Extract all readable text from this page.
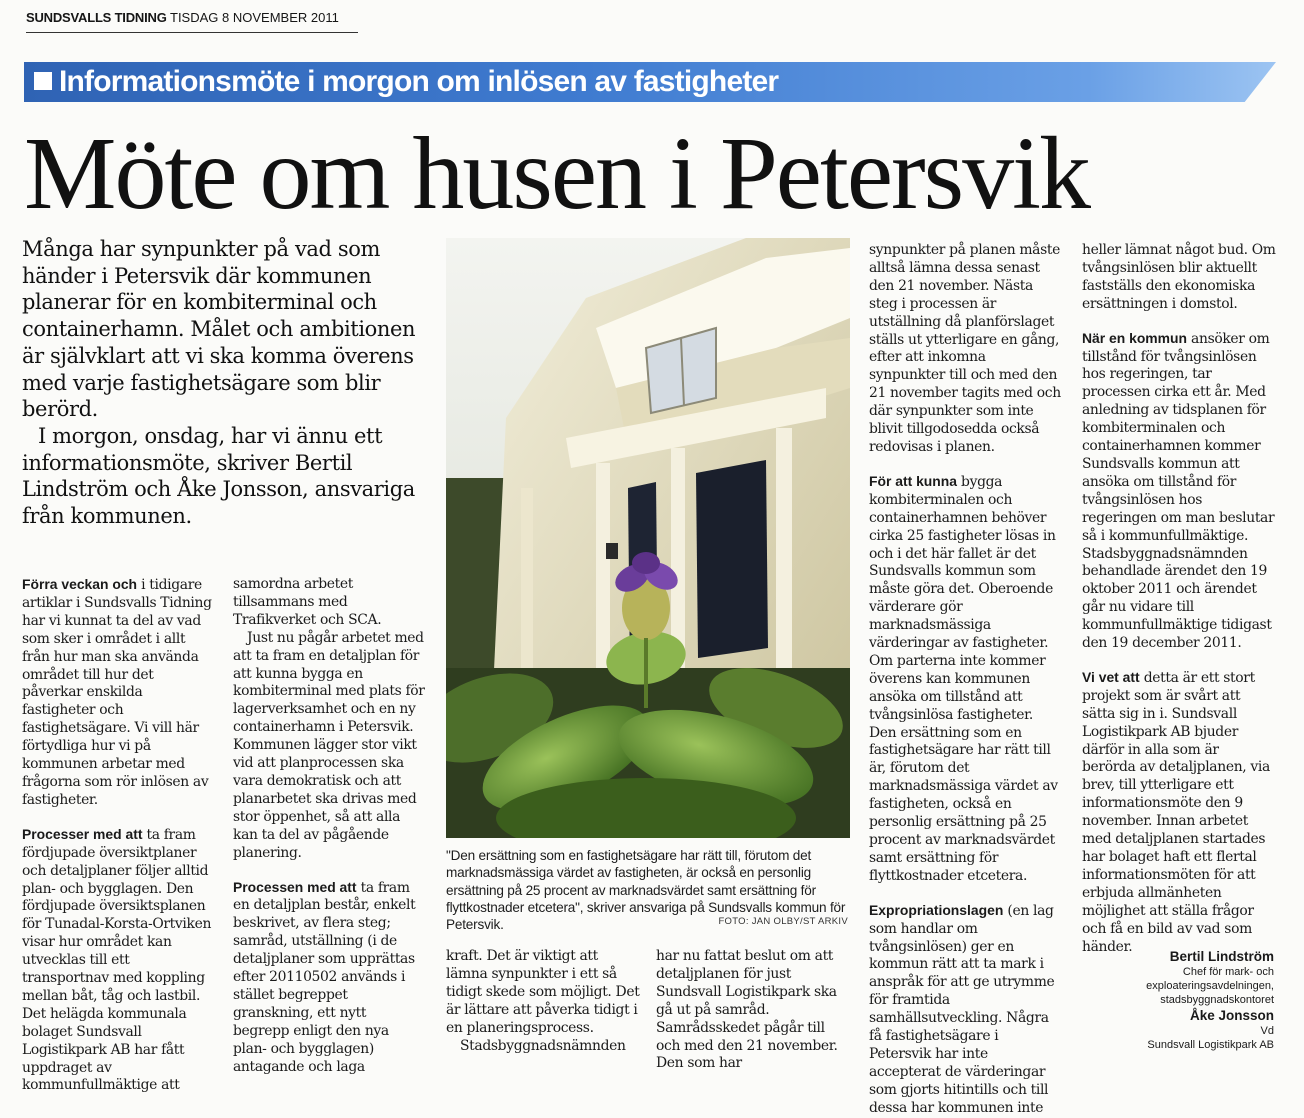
SUNDSVALLS TIDNING TISDAG 8 NOVEMBER 2011
Informationsmöte i morgon om inlösen av fastigheter
Möte om husen i Petersvik

Många har synpunkter på vad som händer i Petersvik där kommunen planerar för en kombiterminal och containerhamn. Målet och ambitionen är självklart att vi ska komma överens med varje fastighetsägare som blir berörd.

I morgon, onsdag, har vi ännu ett informationsmöte, skriver Bertil Lindström och Åke Jonsson, ansvariga från kommunen.

Förra veckan och i tidigare artiklar i Sundsvalls Tidning har vi kunnat ta del av vad som sker i området i allt från hur man ska använda området till hur det påverkar enskilda fastigheter och fastighetsägare. Vi vill här förtydliga hur vi på kommunen arbetar med frågorna som rör inlösen av fastigheter.

Processer med att ta fram fördjupade översiktplaner och detaljplaner följer alltid plan- och bygglagen. Den fördjupade översiktsplanen för Tunadal-Korsta-Ortviken visar hur området kan utvecklas till ett transportnav med koppling mellan båt, tåg och lastbil. Det helägda kommunala bolaget Sundsvall Logistikpark AB har fått uppdraget av kommunfullmäktige att

samordna arbetet tillsammans med Trafikverket och SCA.

Just nu pågår arbetet med att ta fram en detaljplan för att kunna bygga en kombiterminal med plats för lagerverksamhet och en ny containerhamn i Petersvik. Kommunen lägger stor vikt vid att planprocessen ska vara demokratisk och att planarbetet ska drivas med stor öppenhet, så att alla kan ta del av pågående planering.

Processen med att ta fram en detaljplan består, enkelt beskrivet, av flera steg; samråd, utställning (i de detaljplaner som upprättas efter 20110502 används i stället begreppet granskning, ett nytt begrepp enligt den nya plan- och bygglagen) antagande och laga

"Den ersättning som en fastighetsägare har rätt till, förutom det marknadsmässiga värdet av fastigheten, är också en personlig ersättning på 25 procent av marknadsvärdet samt ersättning för flyttkostnader etcetera", skriver ansvariga på Sundsvalls kommun för Petersvik.	FOTO: JAN OLBY/ST ARKIV

kraft. Det är viktigt att lämna synpunkter i ett så tidigt skede som möjligt. Det är lättare att påverka tidigt i en planeringsprocess.

Stadsbyggnadsnämnden

har nu fattat beslut om att detaljplanen för just Sundsvall Logistikpark ska gå ut på samråd. Samrådsskedet pågår till och med den 21 november. Den som har

synpunkter på planen måste alltså lämna dessa senast den 21 november. Nästa steg i processen är utställning då planförslaget ställs ut ytterligare en gång, efter att inkomna synpunkter till och med den 21 november tagits med och där synpunkter som inte blivit tillgodosedda också redovisas i planen.

För att kunna bygga kombiterminalen och containerhamnen behöver cirka 25 fastigheter lösas in och i det här fallet är det Sundsvalls kommun som måste göra det. Oberoende värderare gör marknadsmässiga värderingar av fastigheter. Om parterna inte kommer överens kan kommunen ansöka om tillstånd att tvångsinlösa fastigheter. Den ersättning som en fastighetsägare har rätt till är, förutom det marknadsmässiga värdet av fastigheten, också en personlig ersättning på 25 procent av marknadsvärdet samt ersättning för flyttkostnader etcetera.

Expropriationslagen (en lag som handlar om tvångsinlösen) ger en kommun rätt att ta mark i anspråk för att ge utrymme för framtida samhällsutveckling. Några få fastighetsägare i Petersvik har inte accepterat de värderingar som gjorts hitintills och till dessa har kommunen inte

heller lämnat något bud. Om tvångsinlösen blir aktuellt fastställs den ekonomiska ersättningen i domstol.

När en kommun ansöker om tillstånd för tvångsinlösen hos regeringen, tar processen cirka ett år. Med anledning av tidsplanen för kombiterminalen och containerhamnen kommer Sundsvalls kommun att ansöka om tillstånd för tvångsinlösen hos regeringen om man beslutar så i kommunfullmäktige. Stadsbyggnadsnämnden behandlade ärendet den 19 oktober 2011 och ärendet går nu vidare till kommunfullmäktige tidigast den 19 december 2011.

Vi vet att detta är ett stort projekt som är svårt att sätta sig in i. Sundsvall Logistikpark AB bjuder därför in alla som är berörda av detaljplanen, via brev, till ytterligare ett informationsmöte den 9 november. Innan arbetet med detaljplanen startades har bolaget haft ett flertal informationsmöten för att erbjuda allmänheten möjlighet att ställa frågor och få en bild av vad som händer.

Bertil Lindström
Chef för mark- och
exploateringsavdelningen,
stadsbyggnadskontoret
Åke Jonsson
Vd
Sundsvall Logistikpark AB
